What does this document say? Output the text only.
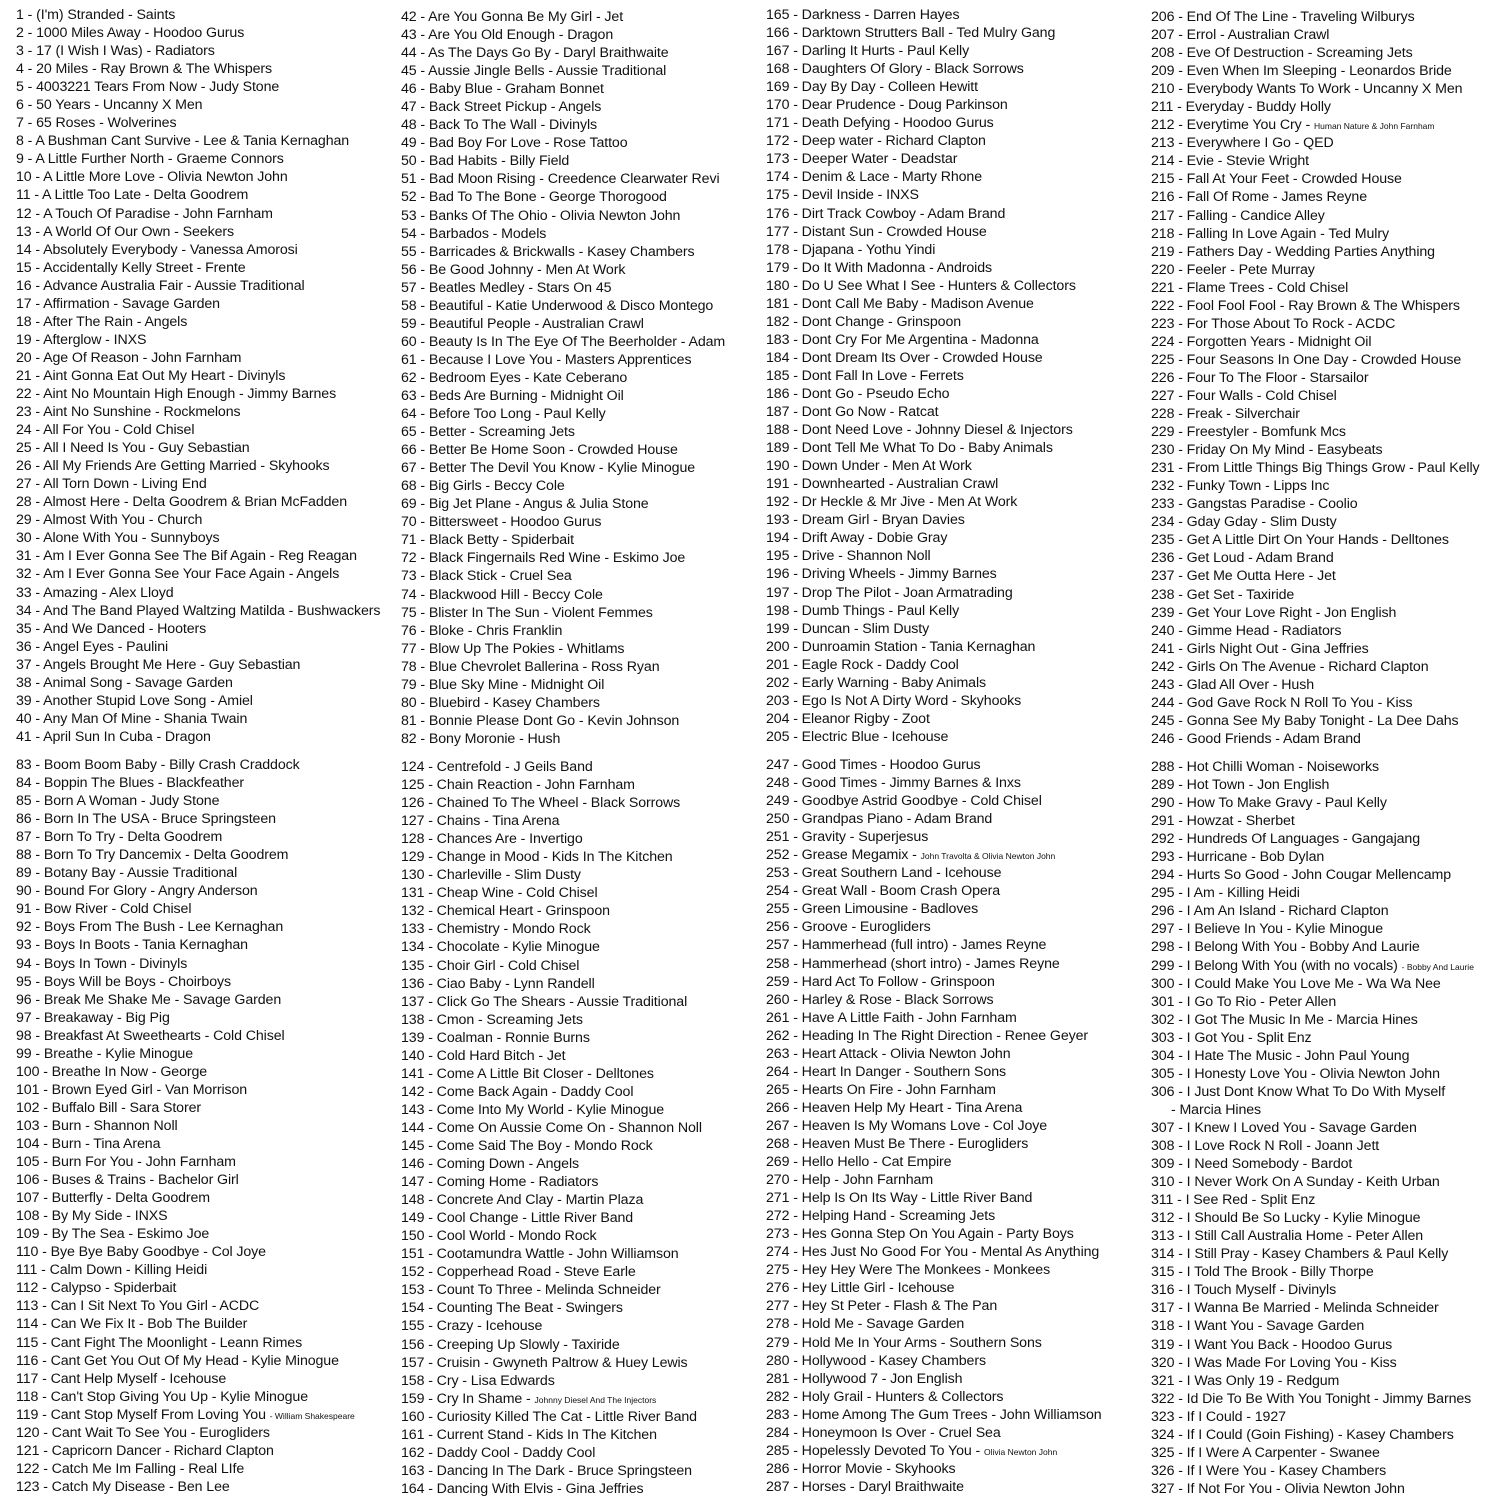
1 - (I'm) Stranded - Saints
2 - 1000 Miles Away - Hoodoo Gurus
3 - 17 (I Wish I Was) - Radiators
4 - 20 Miles - Ray Brown & The Whispers
5 - 4003221 Tears From Now - Judy Stone
6 - 50 Years - Uncanny X Men
7 - 65 Roses - Wolverines
8 - A Bushman Cant Survive - Lee & Tania Kernaghan
9 - A Little Further North - Graeme Connors
10 - A Little More Love - Olivia Newton John
11 - A Little Too Late - Delta Goodrem
12 - A Touch Of Paradise - John Farnham
13 - A World Of Our Own - Seekers
14 - Absolutely Everybody - Vanessa Amorosi
15 - Accidentally Kelly Street - Frente
16 - Advance Australia Fair - Aussie Traditional
17 - Affirmation - Savage Garden
18 - After The Rain - Angels
19 - Afterglow - INXS
20 - Age Of Reason - John Farnham
21 - Aint Gonna Eat Out My Heart - Divinyls
22 - Aint No Mountain High Enough - Jimmy Barnes
23 - Aint No Sunshine - Rockmelons
24 - All For You - Cold Chisel
25 - All I Need Is You - Guy Sebastian
26 - All My Friends Are Getting Married - Skyhooks
27 - All Torn Down - Living End
28 - Almost Here - Delta Goodrem & Brian McFadden
29 - Almost With You - Church
30 - Alone With You - Sunnyboys
31 - Am I Ever Gonna See The Bif Again - Reg Reagan
32 - Am I Ever Gonna See Your Face Again - Angels
33 - Amazing - Alex Lloyd
34 - And The Band Played Waltzing Matilda - Bushwackers
35 - And We Danced - Hooters
36 - Angel Eyes - Paulini
37 - Angels Brought Me Here - Guy Sebastian
38 - Animal Song - Savage Garden
39 - Another Stupid Love Song - Amiel
40 - Any Man Of Mine - Shania Twain
41 - April Sun In Cuba - Dragon
42 - Are You Gonna Be My Girl - Jet
43 - Are You Old Enough - Dragon
44 - As The Days Go By - Daryl Braithwaite
45 - Aussie Jingle Bells - Aussie Traditional
46 - Baby Blue - Graham Bonnet
47 - Back Street Pickup - Angels
48 - Back To The Wall - Divinyls
49 - Bad Boy For Love - Rose Tattoo
50 - Bad Habits - Billy Field
51 - Bad Moon Rising - Creedence Clearwater Revi
52 - Bad To The Bone - George Thorogood
53 - Banks Of The Ohio - Olivia Newton John
54 - Barbados - Models
55 - Barricades & Brickwalls - Kasey Chambers
56 - Be Good Johnny - Men At Work
57 - Beatles Medley - Stars On 45
58 - Beautiful - Katie Underwood & Disco Montego
59 - Beautiful People - Australian Crawl
60 - Beauty Is In The Eye Of The Beerholder - Adam
61 - Because I Love You - Masters Apprentices
62 - Bedroom Eyes - Kate Ceberano
63 - Beds Are Burning - Midnight Oil
64 - Before Too Long - Paul Kelly
65 - Better - Screaming Jets
66 - Better Be Home Soon - Crowded House
67 - Better The Devil You Know - Kylie Minogue
68 - Big Girls - Beccy Cole
69 - Big Jet Plane - Angus & Julia Stone
70 - Bittersweet - Hoodoo Gurus
71 - Black Betty - Spiderbait
72 - Black Fingernails Red Wine - Eskimo Joe
73 - Black Stick - Cruel Sea
74 - Blackwood Hill - Beccy Cole
75 - Blister In The Sun - Violent Femmes
76 - Bloke - Chris Franklin
77 - Blow Up The Pokies - Whitlams
78 - Blue Chevrolet Ballerina - Ross Ryan
79 - Blue Sky Mine - Midnight Oil
80 - Bluebird - Kasey Chambers
81 - Bonnie Please Dont Go - Kevin Johnson
82 - Bony Moronie - Hush
165 - Darkness - Darren Hayes
166 - Darktown Strutters Ball - Ted Mulry Gang
167 - Darling It Hurts - Paul Kelly
168 - Daughters Of Glory - Black Sorrows
169 - Day By Day - Colleen Hewitt
170 - Dear Prudence - Doug Parkinson
171 - Death Defying - Hoodoo Gurus
172 - Deep water - Richard Clapton
173 - Deeper Water - Deadstar
174 - Denim & Lace - Marty Rhone
175 - Devil Inside - INXS
176 - Dirt Track Cowboy - Adam Brand
177 - Distant Sun - Crowded House
178 - Djapana - Yothu Yindi
179 - Do It With Madonna - Androids
180 - Do U See What I See - Hunters & Collectors
181 - Dont Call Me Baby - Madison Avenue
182 - Dont Change - Grinspoon
183 - Dont Cry For Me Argentina - Madonna
184 - Dont Dream Its Over - Crowded House
185 - Dont Fall In Love - Ferrets
186 - Dont Go - Pseudo Echo
187 - Dont Go Now - Ratcat
188 - Dont Need Love - Johnny Diesel & Injectors
189 - Dont Tell Me What To Do - Baby Animals
190 - Down Under - Men At Work
191 - Downhearted - Australian Crawl
192 - Dr Heckle & Mr Jive - Men At Work
193 - Dream Girl - Bryan Davies
194 - Drift Away - Dobie Gray
195 - Drive - Shannon Noll
196 - Driving Wheels - Jimmy Barnes
197 - Drop The Pilot - Joan Armatrading
198 - Dumb Things - Paul Kelly
199 - Duncan - Slim Dusty
200 - Dunroamin Station - Tania Kernaghan
201 - Eagle Rock - Daddy Cool
202 - Early Warning - Baby Animals
203 - Ego Is Not A Dirty Word - Skyhooks
204 - Eleanor Rigby - Zoot
205 - Electric Blue - Icehouse
206 - End Of The Line - Traveling Wilburys
207 - Errol - Australian Crawl
208 - Eve Of Destruction - Screaming Jets
209 - Even When Im Sleeping - Leonardos Bride
210 - Everybody Wants To Work - Uncanny X Men
211 - Everyday - Buddy Holly
212 - Everytime You Cry - Human Nature & John Farnham
213 - Everywhere I Go - QED
214 - Evie - Stevie Wright
215 - Fall At Your Feet - Crowded House
216 - Fall Of Rome - James Reyne
217 - Falling - Candice Alley
218 - Falling In Love Again - Ted Mulry
219 - Fathers Day - Wedding Parties Anything
220 - Feeler - Pete Murray
221 - Flame Trees - Cold Chisel
222 - Fool Fool Fool - Ray Brown & The Whispers
223 - For Those About To Rock - ACDC
224 - Forgotten Years - Midnight Oil
225 - Four Seasons In One Day - Crowded House
226 - Four To The Floor - Starsailor
227 - Four Walls - Cold Chisel
228 - Freak - Silverchair
229 - Freestyler - Bomfunk Mcs
230 - Friday On My Mind - Easybeats
231 - From Little Things Big Things Grow - Paul Kelly
232 - Funky Town - Lipps Inc
233 - Gangstas Paradise - Coolio
234 - Gday Gday - Slim Dusty
235 - Get A Little Dirt On Your Hands - Delltones
236 - Get Loud - Adam Brand
237 - Get Me Outta Here - Jet
238 - Get Set - Taxiride
239 - Get Your Love Right - Jon English
240 - Gimme Head - Radiators
241 - Girls Night Out - Gina Jeffries
242 - Girls On The Avenue - Richard Clapton
243 - Glad All Over - Hush
244 - God Gave Rock N Roll To You - Kiss
245 - Gonna See My Baby Tonight - La Dee Dahs
246 - Good Friends - Adam Brand
83 - Boom Boom Baby - Billy Crash Craddock
84 - Boppin The Blues - Blackfeather
85 - Born A Woman - Judy Stone
86 - Born In The USA - Bruce Springsteen
87 - Born To Try - Delta Goodrem
88 - Born To Try Dancemix - Delta Goodrem
89 - Botany Bay - Aussie Traditional
90 - Bound For Glory - Angry Anderson
91 - Bow River - Cold Chisel
92 - Boys From The Bush - Lee Kernaghan
93 - Boys In Boots - Tania Kernaghan
94 - Boys In Town - Divinyls
95 - Boys Will be Boys - Choirboys
96 - Break Me Shake Me - Savage Garden
97 - Breakaway - Big Pig
98 - Breakfast At Sweethearts - Cold Chisel
99 - Breathe - Kylie Minogue
100 - Breathe In Now - George
101 - Brown Eyed Girl - Van Morrison
102 - Buffalo Bill - Sara Storer
103 - Burn - Shannon Noll
104 - Burn - Tina Arena
105 - Burn For You - John Farnham
106 - Buses & Trains - Bachelor Girl
107 - Butterfly - Delta Goodrem
108 - By My Side - INXS
109 - By The Sea - Eskimo Joe
110 - Bye Bye Baby Goodbye - Col Joye
111 - Calm Down - Killing Heidi
112 - Calypso - Spiderbait
113 - Can I Sit Next To You Girl - ACDC
114 - Can We Fix It - Bob The Builder
115 - Cant Fight The Moonlight - Leann Rimes
116 - Cant Get You Out Of My Head - Kylie Minogue
117 - Cant Help Myself - Icehouse
118 - Can't Stop Giving You Up - Kylie Minogue
119 - Cant Stop Myself From Loving You - William Shakespeare
120 - Cant Wait To See You - Eurogliders
121 - Capricorn Dancer - Richard Clapton
122 - Catch Me Im Falling - Real LIfe
123 - Catch My Disease - Ben Lee
124 - Centrefold - J Geils Band
125 - Chain Reaction - John Farnham
126 - Chained To The Wheel - Black Sorrows
127 - Chains - Tina Arena
128 - Chances Are - Invertigo
129 - Change in Mood - Kids In The Kitchen
130 - Charleville - Slim Dusty
131 - Cheap Wine - Cold Chisel
132 - Chemical Heart - Grinspoon
133 - Chemistry - Mondo Rock
134 - Chocolate - Kylie Minogue
135 - Choir Girl - Cold Chisel
136 - Ciao Baby - Lynn Randell
137 - Click Go The Shears - Aussie Traditional
138 - Cmon - Screaming Jets
139 - Coalman - Ronnie Burns
140 - Cold Hard Bitch - Jet
141 - Come A Little Bit Closer - Delltones
142 - Come Back Again - Daddy Cool
143 - Come Into My World - Kylie Minogue
144 - Come On Aussie Come On - Shannon Noll
145 - Come Said The Boy - Mondo Rock
146 - Coming Down - Angels
147 - Coming Home - Radiators
148 - Concrete And Clay - Martin Plaza
149 - Cool Change - Little River Band
150 - Cool World - Mondo Rock
151 - Cootamundra Wattle - John Williamson
152 - Copperhead Road - Steve Earle
153 - Count To Three - Melinda Schneider
154 - Counting The Beat - Swingers
155 - Crazy - Icehouse
156 - Creeping Up Slowly - Taxiride
157 - Cruisin - Gwyneth Paltrow & Huey Lewis
158 - Cry - Lisa Edwards
159 - Cry In Shame - Johnny Diesel And The Injectors
160 - Curiosity Killed The Cat - Little River Band
161 - Current Stand - Kids In The Kitchen
162 - Daddy Cool - Daddy Cool
163 - Dancing In The Dark - Bruce Springsteen
164 - Dancing With Elvis - Gina Jeffries
247 - Good Times - Hoodoo Gurus
248 - Good Times - Jimmy Barnes & Inxs
249 - Goodbye Astrid Goodbye - Cold Chisel
250 - Grandpas Piano - Adam Brand
251 - Gravity - Superjesus
252 - Grease Megamix - John Travolta & Olivia Newton John
253 - Great Southern Land - Icehouse
254 - Great Wall - Boom Crash Opera
255 - Green Limousine - Badloves
256 - Groove - Eurogliders
257 - Hammerhead (full intro) - James Reyne
258 - Hammerhead (short intro) - James Reyne
259 - Hard Act To Follow - Grinspoon
260 - Harley & Rose - Black Sorrows
261 - Have A Little Faith - John Farnham
262 - Heading In The Right Direction - Renee Geyer
263 - Heart Attack - Olivia Newton John
264 - Heart In Danger - Southern Sons
265 - Hearts On Fire - John Farnham
266 - Heaven Help My Heart - Tina Arena
267 - Heaven Is My Womans Love - Col Joye
268 - Heaven Must Be There - Eurogliders
269 - Hello Hello - Cat Empire
270 - Help - John Farnham
271 - Help Is On Its Way - Little River Band
272 - Helping Hand - Screaming Jets
273 - Hes Gonna Step On You Again - Party Boys
274 - Hes Just No Good For You - Mental As Anything
275 - Hey Hey Were The Monkees - Monkees
276 - Hey Little Girl - Icehouse
277 - Hey St Peter - Flash & The Pan
278 - Hold Me - Savage Garden
279 - Hold Me In Your Arms - Southern Sons
280 - Hollywood - Kasey Chambers
281 - Hollywood 7 - Jon English
282 - Holy Grail - Hunters & Collectors
283 - Home Among The Gum Trees - John Williamson
284 - Honeymoon Is Over - Cruel Sea
285 - Hopelessly Devoted To You - Olivia Newton John
286 - Horror Movie - Skyhooks
287 - Horses - Daryl Braithwaite
288 - Hot Chilli Woman - Noiseworks
289 - Hot Town - Jon English
290 - How To Make Gravy - Paul Kelly
291 - Howzat - Sherbet
292 - Hundreds Of Languages - Gangajang
293 - Hurricane - Bob Dylan
294 - Hurts So Good - John Cougar Mellencamp
295 - I Am - Killing Heidi
296 - I Am An Island - Richard Clapton
297 - I Believe In You - Kylie Minogue
298 - I Belong With You - Bobby And Laurie
299 - I Belong With You (with no vocals) - Bobby And Laurie
300 - I Could Make You Love Me - Wa Wa Nee
301 - I Go To Rio - Peter Allen
302 - I Got The Music In Me - Marcia Hines
303 - I Got You - Split Enz
304 - I Hate The Music - John Paul Young
305 - I Honesty Love You - Olivia Newton John
306 - I Just Dont Know What To Do With Myself
- Marcia Hines
307 - I Knew I Loved You - Savage Garden
308 - I Love Rock N Roll - Joann Jett
309 - I Need Somebody - Bardot
310 - I Never Work On A Sunday - Keith Urban
311 - I See Red - Split Enz
312 - I Should Be So Lucky - Kylie Minogue
313 - I Still Call Australia Home - Peter Allen
314 - I Still Pray - Kasey Chambers & Paul Kelly
315 - I Told The Brook - Billy Thorpe
316 - I Touch Myself - Divinyls
317 - I Wanna Be Married - Melinda Schneider
318 - I Want You - Savage Garden
319 - I Want You Back - Hoodoo Gurus
320 - I Was Made For Loving You - Kiss
321 - I Was Only 19 - Redgum
322 - Id Die To Be With You Tonight - Jimmy Barnes
323 - If I Could - 1927
324 - If I Could (Goin Fishing) - Kasey Chambers
325 - If I Were A Carpenter - Swanee
326 - If I Were You - Kasey Chambers
327 - If Not For You - Olivia Newton John
